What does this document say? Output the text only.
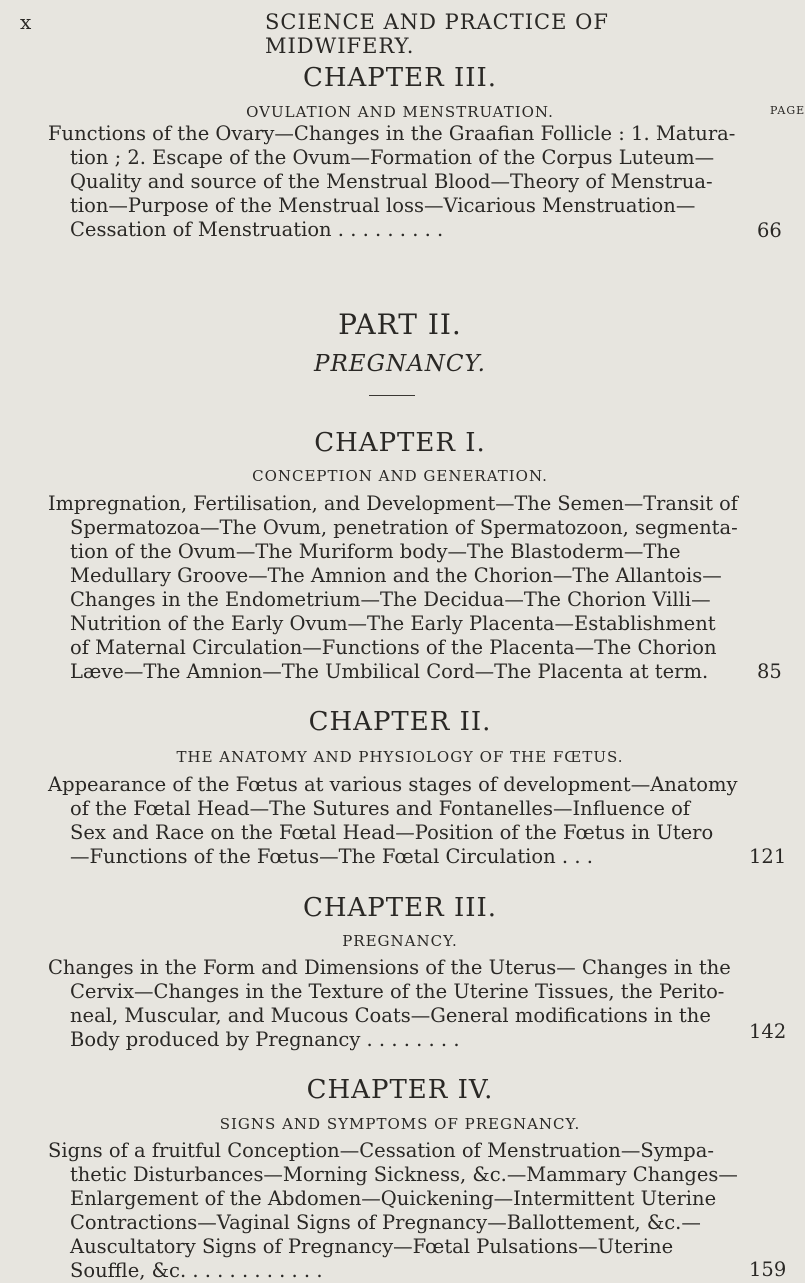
x	SCIENCE AND PRACTICE OF MIDWIFERY.
CHAPTER III.
OVULATION AND MENSTRUATION.	PAGE
Functions of the Ovary—Changes in the Graafian Follicle : 1. Matura-
tion ; 2. Escape of the Ovum—Formation of the Corpus Luteum—
Quality and source of the Menstrual Blood—Theory of Menstrua-
tion—Purpose of the Menstrual loss—Vicarious Menstruation—
Cessation of Menstruation . . . . . . . . .	66
PART II.
PREGNANCY.
CHAPTER I.
CONCEPTION AND GENERATION.
Impregnation, Fertilisation, and Development—The Semen—Transit of
Spermatozoa—The Ovum, penetration of Spermatozoon, segmenta-
tion of the Ovum—The Muriform body—The Blastoderm—The
Medullary Groove—The Amnion and the Chorion—The Allantois—
Changes in the Endometrium—The Decidua—The Chorion Villi—
Nutrition of the Early Ovum—The Early Placenta—Establishment
of Maternal Circulation—Functions of the Placenta—The Chorion
Læve—The Amnion—The Umbilical Cord—The Placenta at term.	85
CHAPTER II.
THE ANATOMY AND PHYSIOLOGY OF THE FŒTUS.
Appearance of the Fœtus at various stages of development—Anatomy
of the Fœtal Head—The Sutures and Fontanelles—Influence of
Sex and Race on the Fœtal Head—Position of the Fœtus in Utero
—Functions of the Fœtus—The Fœtal Circulation . . .	121
CHAPTER III.
PREGNANCY.
Changes in the Form and Dimensions of the Uterus— Changes in the
Cervix—Changes in the Texture of the Uterine Tissues, the Perito-
neal, Muscular, and Mucous Coats—General modifications in the
Body produced by Pregnancy . . . . . . . .	142
CHAPTER IV.
SIGNS AND SYMPTOMS OF PREGNANCY.
Signs of a fruitful Conception—Cessation of Menstruation—Sympa-
thetic Disturbances—Morning Sickness, &c.—Mammary Changes—
Enlargement of the Abdomen—Quickening—Intermittent Uterine
Contractions—Vaginal Signs of Pregnancy—Ballottement, &c.—
Auscultatory Signs of Pregnancy—Fœtal Pulsations—Uterine
Souffle, &c. . . . . . . . . . . .	159
